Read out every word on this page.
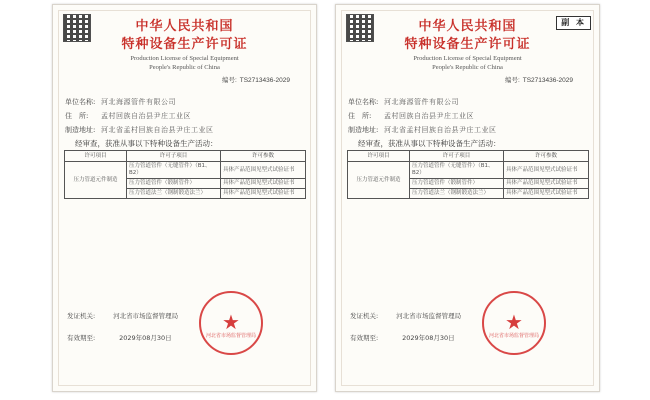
中华人民共和国
特种设备生产许可证
Production License of Special Equipment
People's Republic of China
编号: TS2713436-2029
单位名称: 河北海源管件有限公司
住　所:	孟村回族自治县尹庄工业区
制造地址: 河北省孟村回族自治县尹庄工业区
经审查，获准从事以下特种设备生产活动：
许可项目	许可子项目	许可参数
压力管道元件制造	压力管道管件（无缝管件）（B1、B2）	具体产品范围见型式试验证书
	压力管道管件（锻制管件）	具体产品范围见型式试验证书
	压力管道法兰（钢制锻造法兰）	具体产品范围见型式试验证书
发证机关:	河北省市场监督管理局
有效期至:	2029年08月30日
★
河北省市场监督管理局
副 本
中华人民共和国
特种设备生产许可证
Production License of Special Equipment
People's Republic of China
编号: TS2713436-2029
单位名称: 河北海源管件有限公司
住　所:	孟村回族自治县尹庄工业区
制造地址: 河北省孟村回族自治县尹庄工业区
经审查，获准从事以下特种设备生产活动：
许可项目	许可子项目	许可参数
压力管道元件制造	压力管道管件（无缝管件）（B1、B2）	具体产品范围见型式试验证书
	压力管道管件（锻制管件）	具体产品范围见型式试验证书
	压力管道法兰（钢制锻造法兰）	具体产品范围见型式试验证书
发证机关:	河北省市场监督管理局
有效期至:	2029年08月30日
★
河北省市场监督管理局
